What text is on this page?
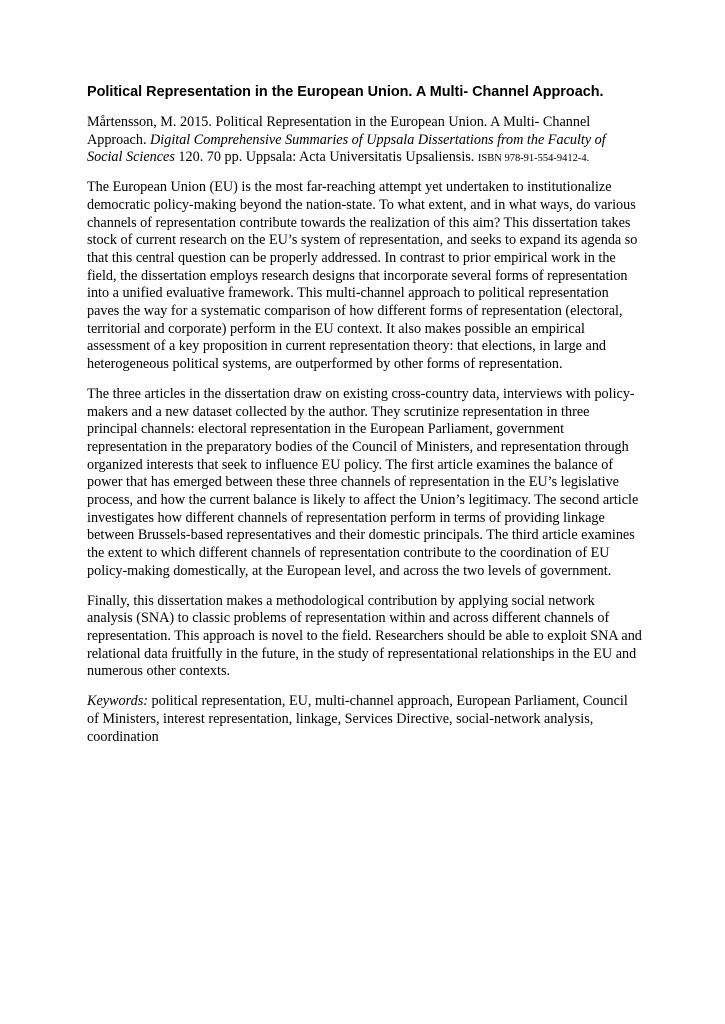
Political Representation in the European Union. A Multi- Channel Approach.

Mårtensson, M. 2015. Political Representation in the European Union. A Multi- Channel Approach. Digital Comprehensive Summaries of Uppsala Dissertations from the Faculty of Social Sciences 120. 70 pp. Uppsala: Acta Universitatis Upsaliensis. ISBN 978-91-554-9412-4.

The European Union (EU) is the most far-reaching attempt yet undertaken to institutionalize democratic policy-making beyond the nation-state. To what extent, and in what ways, do various channels of representation contribute towards the realization of this aim? This dissertation takes stock of current research on the EU’s system of representation, and seeks to expand its agenda so that this central question can be properly addressed. In contrast to prior empirical work in the field, the dissertation employs research designs that incorporate several forms of representation into a unified evaluative framework. This multi-channel approach to political representation paves the way for a systematic comparison of how different forms of representation (electoral, territorial and corporate) perform in the EU context. It also makes possible an empirical assessment of a key proposition in current representation theory: that elections, in large and heterogeneous political systems, are outperformed by other forms of representation.

The three articles in the dissertation draw on existing cross-country data, interviews with policy-makers and a new dataset collected by the author. They scrutinize representation in three principal channels: electoral representation in the European Parliament, government representation in the preparatory bodies of the Council of Ministers, and representation through organized interests that seek to influence EU policy. The first article examines the balance of power that has emerged between these three channels of representation in the EU’s legislative process, and how the current balance is likely to affect the Union’s legitimacy. The second article investigates how different channels of representation perform in terms of providing linkage between Brussels-based representatives and their domestic principals. The third article examines the extent to which different channels of representation contribute to the coordination of EU policy-making domestically, at the European level, and across the two levels of government.

Finally, this dissertation makes a methodological contribution by applying social network analysis (SNA) to classic problems of representation within and across different channels of representation. This approach is novel to the field. Researchers should be able to exploit SNA and relational data fruitfully in the future, in the study of representational relationships in the EU and numerous other contexts.

Keywords: political representation, EU, multi-channel approach, European Parliament, Council of Ministers, interest representation, linkage, Services Directive, social-network analysis, coordination
